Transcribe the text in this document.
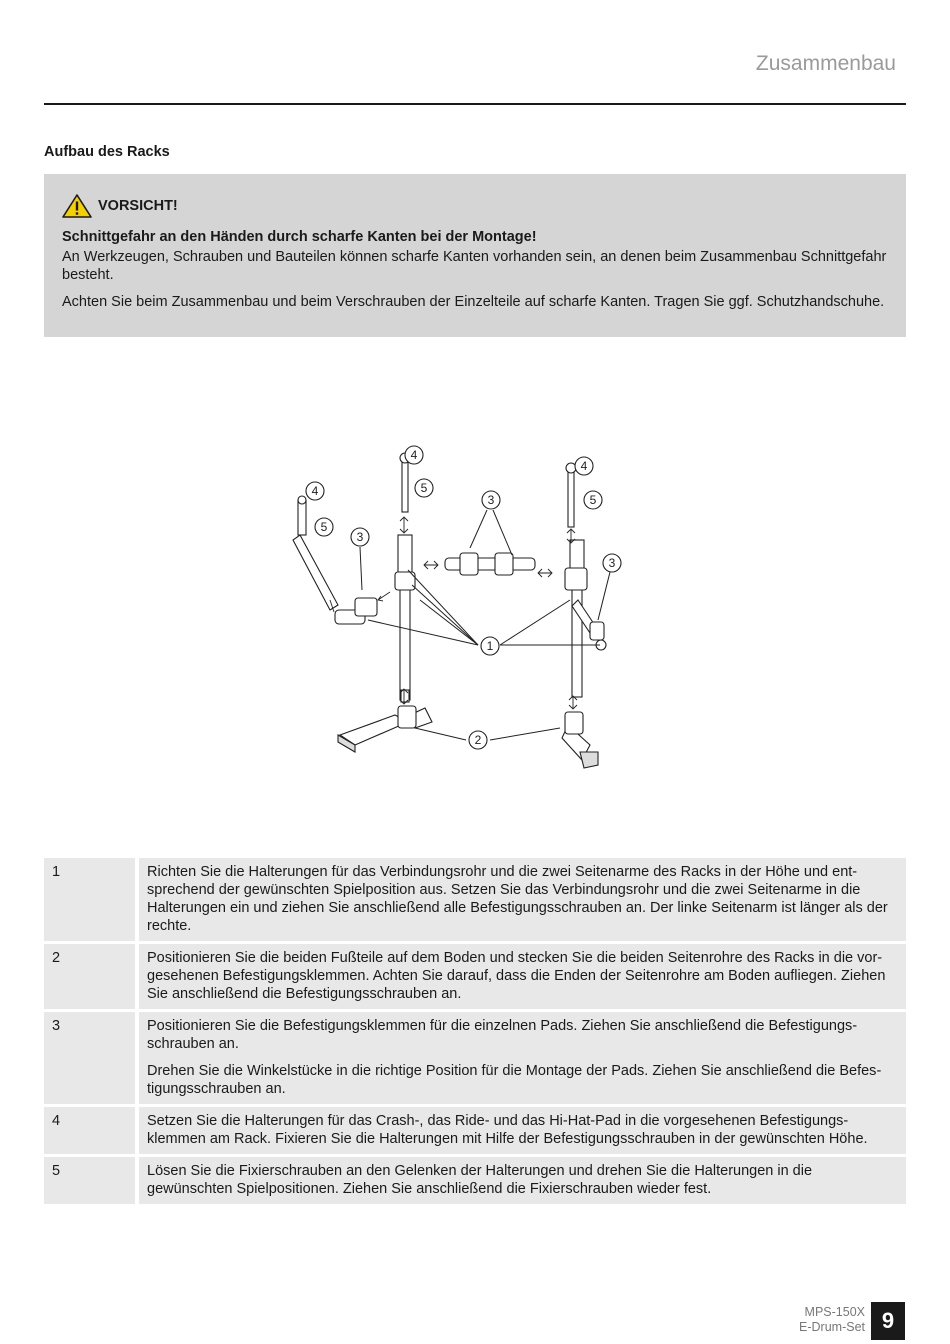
Zusammenbau
Aufbau des Racks
VORSICHT!
Schnittgefahr an den Händen durch scharfe Kanten bei der Montage!

An Werkzeugen, Schrauben und Bauteilen können scharfe Kanten vorhanden sein, an denen beim Zusammenbau Schnittgefahr besteht.

Achten Sie beim Zusammenbau und beim Verschrauben der Einzelteile auf scharfe Kanten. Tragen Sie ggf. Schutzhandschuhe.

1
2
3
3
3
4
4
4
5
5
5
1	Richten Sie die Halterungen für das Verbindungsrohr und die zwei Seitenarme des Racks in der Höhe und entsprechend der gewünschten Spielposition aus. Setzen Sie das Verbindungsrohr und die zwei Seitenarme in die Halterungen ein und ziehen Sie anschließend alle Befestigungsschrauben an. Der linke Seitenarm ist länger als der rechte.

2	Positionieren Sie die beiden Fußteile auf dem Boden und stecken Sie die beiden Seitenrohre des Racks in die vorgesehenen Befestigungsklemmen. Achten Sie darauf, dass die Enden der Seitenrohre am Boden aufliegen. Ziehen Sie anschließend die Befestigungsschrauben an.

3	Positionieren Sie die Befestigungsklemmen für die einzelnen Pads. Ziehen Sie anschließend die Befestigungsschrauben an.

Drehen Sie die Winkelstücke in die richtige Position für die Montage der Pads. Ziehen Sie anschließend die Befestigungsschrauben an.

4	Setzen Sie die Halterungen für das Crash-, das Ride- und das Hi-Hat-Pad in die vorgesehenen Befestigungsklemmen am Rack. Fixieren Sie die Halterungen mit Hilfe der Befestigungsschrauben in der gewünschten Höhe.

5	Lösen Sie die Fixierschrauben an den Gelenken der Halterungen und drehen Sie die Halterungen in die gewünschten Spielpositionen. Ziehen Sie anschließend die Fixierschrauben wieder fest.

MPS-150X
E-Drum-Set 9
